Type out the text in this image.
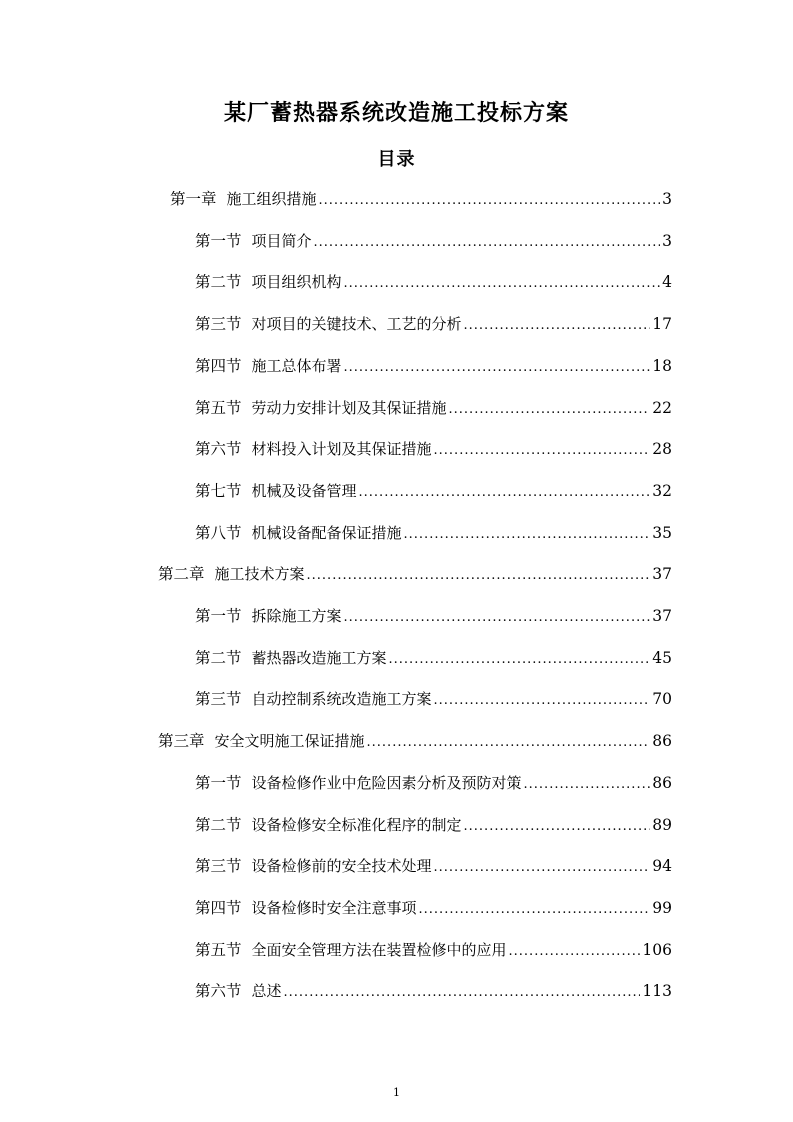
某厂蓄热器系统改造施工投标方案
目录
第一章 施工组织措施 .....	3
第一节 项目简介 .....	3
第二节 项目组织机构 .....	4
第三节 对项目的关键技术、工艺的分析 .....	17
第四节 施工总体布署 .....	18
第五节 劳动力安排计划及其保证措施 .....	22
第六节 材料投入计划及其保证措施 .....	28
第七节 机械及设备管理 .....	32
第八节 机械设备配备保证措施 .....	35
第二章 施工技术方案 .....	37
第一节 拆除施工方案 .....	37
第二节 蓄热器改造施工方案 .....	45
第三节 自动控制系统改造施工方案 .....	70
第三章 安全文明施工保证措施 .....	86
第一节 设备检修作业中危险因素分析及预防对策 .....	86
第二节 设备检修安全标准化程序的制定 .....	89
第三节 设备检修前的安全技术处理 .....	94
第四节 设备检修时安全注意事项 .....	99
第五节 全面安全管理方法在装置检修中的应用 .....	106
第六节 总述 .....	113
1
